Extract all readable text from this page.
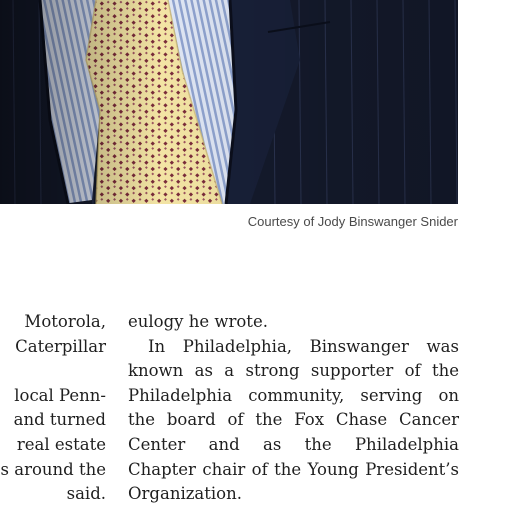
Courtesy of Jody Binswanger Snider
Motorola,
Caterpillar
local Penn-
and turned
real estate
s around the
said.
eulogy he wrote.
In Philadelphia, Binswanger was
known as a strong supporter of the
Philadelphia community, serving on
the board of the Fox Chase Cancer
Center and as the Philadelphia
Chapter chair of the Young President’s
Organization.
